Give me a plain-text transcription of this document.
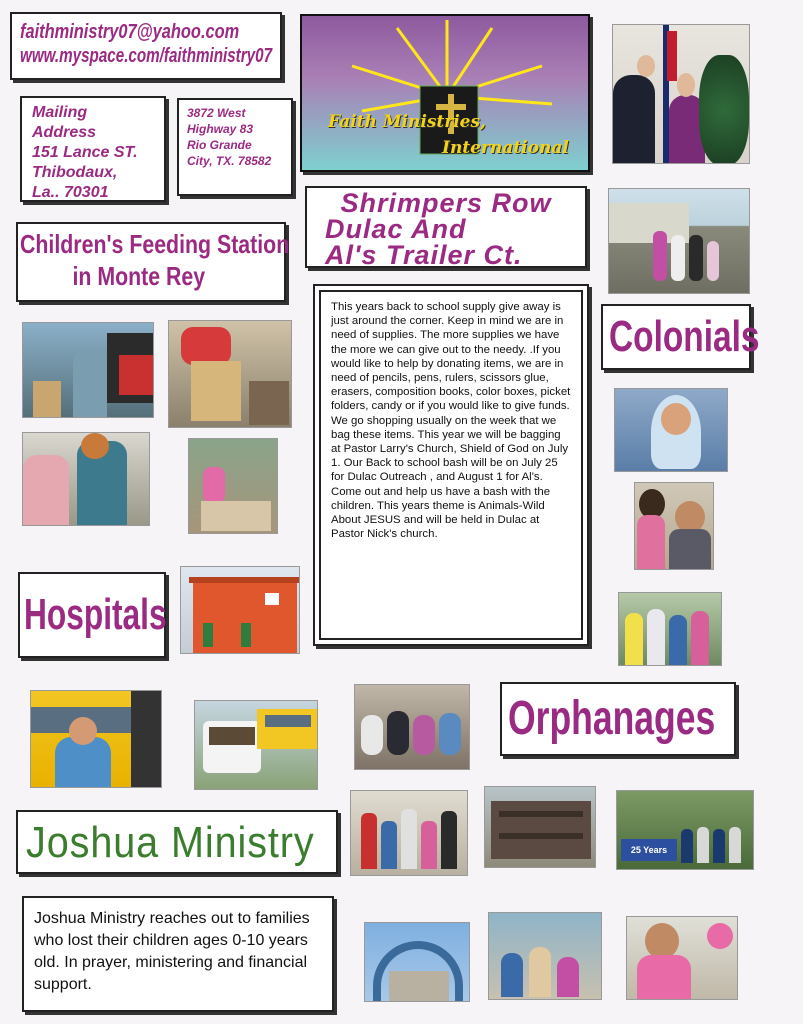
faithministry07@yahoo.com
www.myspace.com/faithministry07
Faith Ministries,
International
Mailing
Address
151 Lance ST.
Thibodaux,
La.. 70301
3872 West
Highway 83
Rio Grande
City, TX. 78582
Shrimpers Row
Dulac And
Al's Trailer Ct.
Children's Feeding Station
in Monte Rey
This years back to school supply give away is just around the corner. Keep in mind we are in need of supplies. The more supplies we have the more we can give out to the needy. .If you would like to help by donating items, we are in need of pencils, pens, rulers, scissors glue, erasers, composition books, color boxes, picket folders, candy or if you would like to give funds. We go shopping usually on the week that we bag these items. This year we will be bagging at Pastor Larry's Church, Shield of God on July 1. Our Back to school bash will be on July 25 for Dulac Outreach , and August 1 for Al's. Come out and help us have a bash with the children. This years theme is Animals-Wild About JESUS and will be held in Dulac at Pastor Nick's church.
Colonials
Hospitals
Orphanages
25 Years
Joshua Ministry
Joshua Ministry reaches out to families who lost their children ages 0-10 years old. In prayer, ministering and financial support.
